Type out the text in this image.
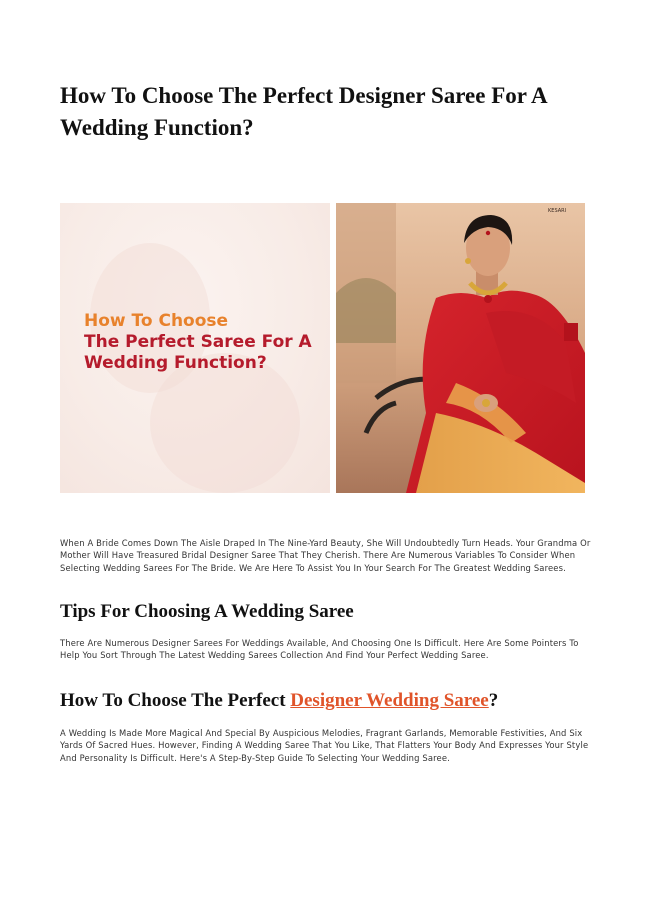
How To Choose The Perfect Designer Saree For A Wedding Function?
How To Choose
The Perfect Saree For A
Wedding Function?
KESARI

When A Bride Comes Down The Aisle Draped In The Nine-Yard Beauty, She Will Undoubtedly Turn Heads. Your Grandma Or Mother Will Have Treasured Bridal Designer Saree That They Cherish. There Are Numerous Variables To Consider When Selecting Wedding Sarees For The Bride. We Are Here To Assist You In Your Search For The Greatest Wedding Sarees.

Tips For Choosing A Wedding Saree

There Are Numerous Designer Sarees For Weddings Available, And Choosing One Is Difficult. Here Are Some Pointers To Help You Sort Through The Latest Wedding Sarees Collection And Find Your Perfect Wedding Saree.

How To Choose The Perfect Designer Wedding Saree?

A Wedding Is Made More Magical And Special By Auspicious Melodies, Fragrant Garlands, Memorable Festivities, And Six Yards Of Sacred Hues. However, Finding A Wedding Saree That You Like, That Flatters Your Body And Expresses Your Style And Personality Is Difficult. Here's A Step-By-Step Guide To Selecting Your Wedding Saree.
